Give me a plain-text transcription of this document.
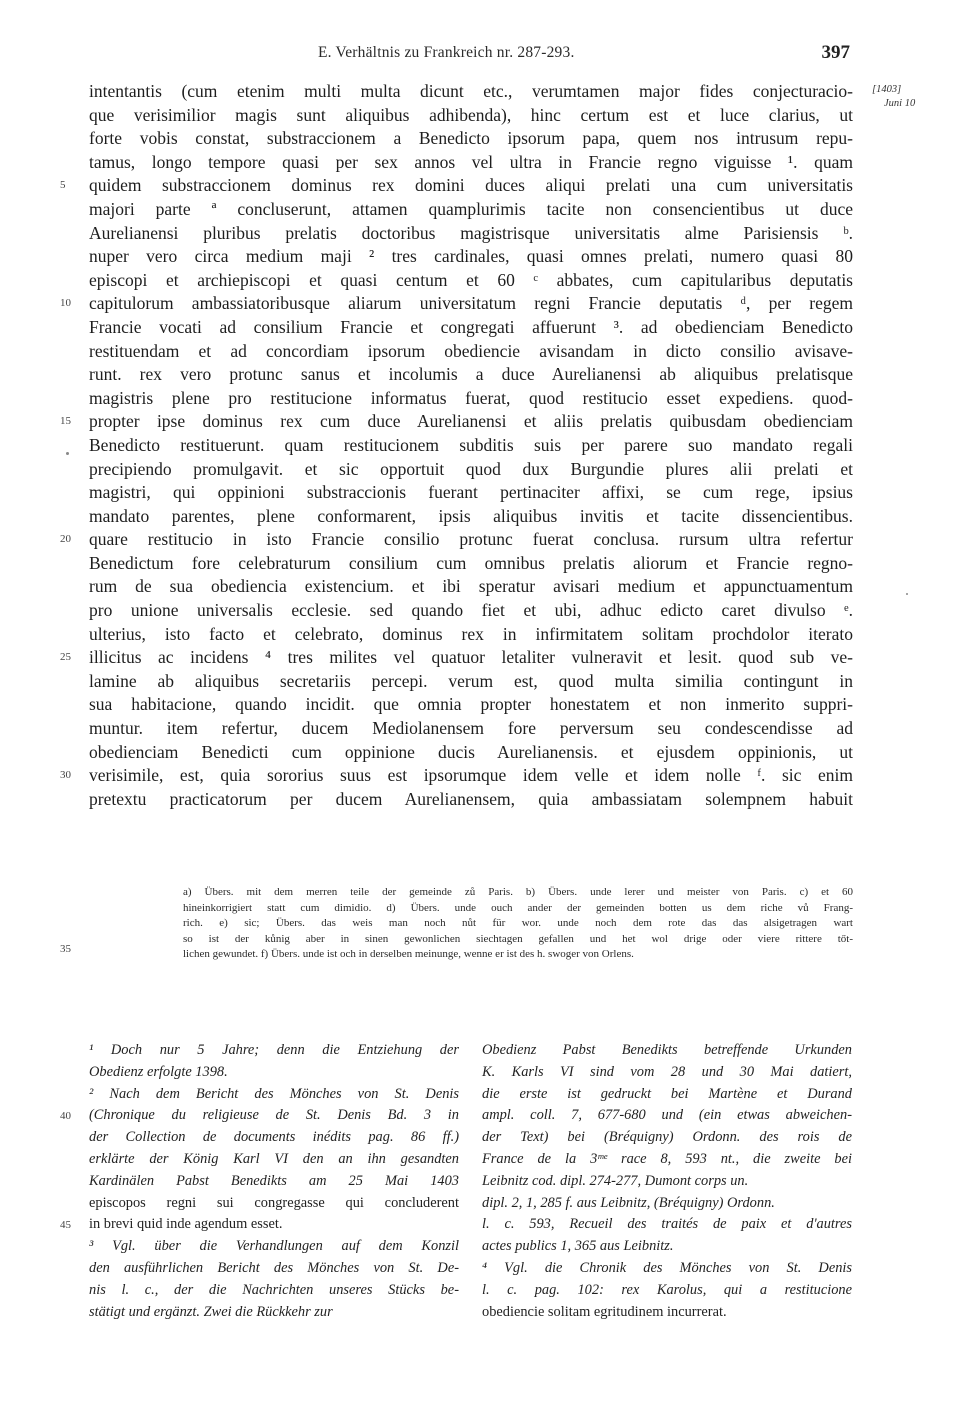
E. Verhältnis zu Frankreich nr. 287-293.	397
[1403]
Juni 10
intentantis (cum etenim multi multa dicunt etc., verumtamen major fides conjecturacio-
que verisimilior magis sunt aliquibus adhibenda), hinc certum est et luce clarius, ut
forte vobis constat, substraccionem a Benedicto ipsorum papa, quem nos intrusum repu-
tamus, longo tempore quasi per sex annos vel ultra in Francie regno viguisse ¹. quam
5	quidem substraccionem dominus rex domini duces aliqui prelati una cum universitatis
majori parte ª concluserunt, attamen quamplurimis tacite non consencientibus ut duce
Aurelianensi pluribus prelatis doctoribus magistrisque universitatis alme Parisiensis ᵇ.
nuper vero circa medium maji ² tres cardinales, quasi omnes prelati, numero quasi 80
episcopi et archiepiscopi et quasi centum et 60 ᶜ abbates, cum capitularibus deputatis
10	capitulorum ambassiatoribusque aliarum universitatum regni Francie deputatis ᵈ, per regem
Francie vocati ad consilium Francie et congregati affuerunt ³. ad obedienciam Benedicto
restituendam et ad concordiam ipsorum obediencie avisandam in dicto consilio avisave-
runt. rex vero protunc sanus et incolumis a duce Aurelianensi ab aliquibus prelatisque
magistris plene pro restitucione informatus fuerat, quod restitucio esset expediens. quod-
15	propter ipse dominus rex cum duce Aurelianensi et aliis prelatis quibusdam obedienciam
Benedicto restituerunt. quam restitucionem subditis suis per parere suo mandato regali
precipiendo promulgavit. et sic opportuit quod dux Burgundie plures alii prelati et
magistri, qui oppinioni substraccionis fuerant pertinaciter affixi, se cum rege, ipsius
mandato parentes, plene conformarent, ipsis aliquibus invitis et tacite dissencientibus.
20	quare restitucio in isto Francie consilio protunc fuerat conclusa. rursum ultra refertur
Benedictum fore celebraturum consilium cum omnibus prelatis aliorum et Francie regno-
rum de sua obediencia existencium. et ibi speratur avisari medium et appunctuamentum
pro unione universalis ecclesie. sed quando fiet et ubi, adhuc edicto caret divulso ᵉ.
ulterius, isto facto et celebrato, dominus rex in infirmitatem solitam prochdolor iterato
25	illicitus ac incidens ⁴ tres milites vel quatuor letaliter vulneravit et lesit. quod sub ve-
lamine ab aliquibus secretariis percepi. verum est, quod multa similia contingunt in
sua habitacione, quando incidit. que omnia propter honestatem et non inmerito suppri-
muntur. item refertur, ducem Mediolanensem fore perversum seu condescendisse ad
obedienciam Benedicti cum oppinione ducis Aurelianensis. et ejusdem oppinionis, ut
30	verisimile, est, quia sororius suus est ipsorumque idem velle et idem nolle ᶠ. sic enim
pretextu practicatorum per ducem Aurelianensem, quia ambassiatam solempnem habuit
35
a) Übers. mit dem merren teile der gemeinde zů Paris. b) Übers. unde lerer und meister von Paris. c) et 60
hineinkorrigiert statt cum dimidio. d) Übers. unde ouch ander der gemeinden botten us dem riche vů Frang-
rich. e) sic; Übers. das weis man noch nůt für wor. unde noch dem rote das das alsigetragen wart
so ist der kůnig aber in sinen gewonlichen siechtagen gefallen und het wol drige oder viere rittere tőt-
lichen gewundet. f) Übers. unde ist och in derselben meinunge, wenne er ist des h. swoger von Orlens.
¹ Doch nur 5 Jahre; denn die Entziehung der
Obedienz erfolgte 1398.
² Nach dem Bericht des Mönches von St. Denis
(Chronique du religieuse de St. Denis Bd. 3 in
der Collection de documents inédits pag. 86 ff.)
erklärte der König Karl VI den an ihn gesandten
Kardinälen Pabst Benedikts am 25 Mai 1403
episcopos regni sui congregasse qui concluderent
in brevi quid inde agendum esset.
³ Vgl. über die Verhandlungen auf dem Konzil
den ausführlichen Bericht des Mönches von St. De-
nis l. c., der die Nachrichten unseres Stücks be-
stätigt und ergänzt. Zwei die Rückkehr zur
Obedienz Pabst Benedikts betreffende Urkunden
K. Karls VI sind vom 28 und 30 Mai datiert,
die erste ist gedruckt bei Martène et Durand
ampl. coll. 7, 677-680 und (ein etwas abweichen-
der Text) bei (Bréquigny) Ordonn. des rois de
France de la 3ᵐᵉ race 8, 593 nt., die zweite bei
Leibnitz cod. dipl. 274-277, Dumont corps un.
dipl. 2, 1, 285 f. aus Leibnitz, (Bréquigny) Ordonn.
l. c. 593, Recueil des traités de paix et d'autres
actes publics 1, 365 aus Leibnitz.
⁴ Vgl. die Chronik des Mönches von St. Denis
l. c. pag. 102: rex Karolus, qui a restitucione
obediencie solitam egritudinem incurrerat.
40
45
